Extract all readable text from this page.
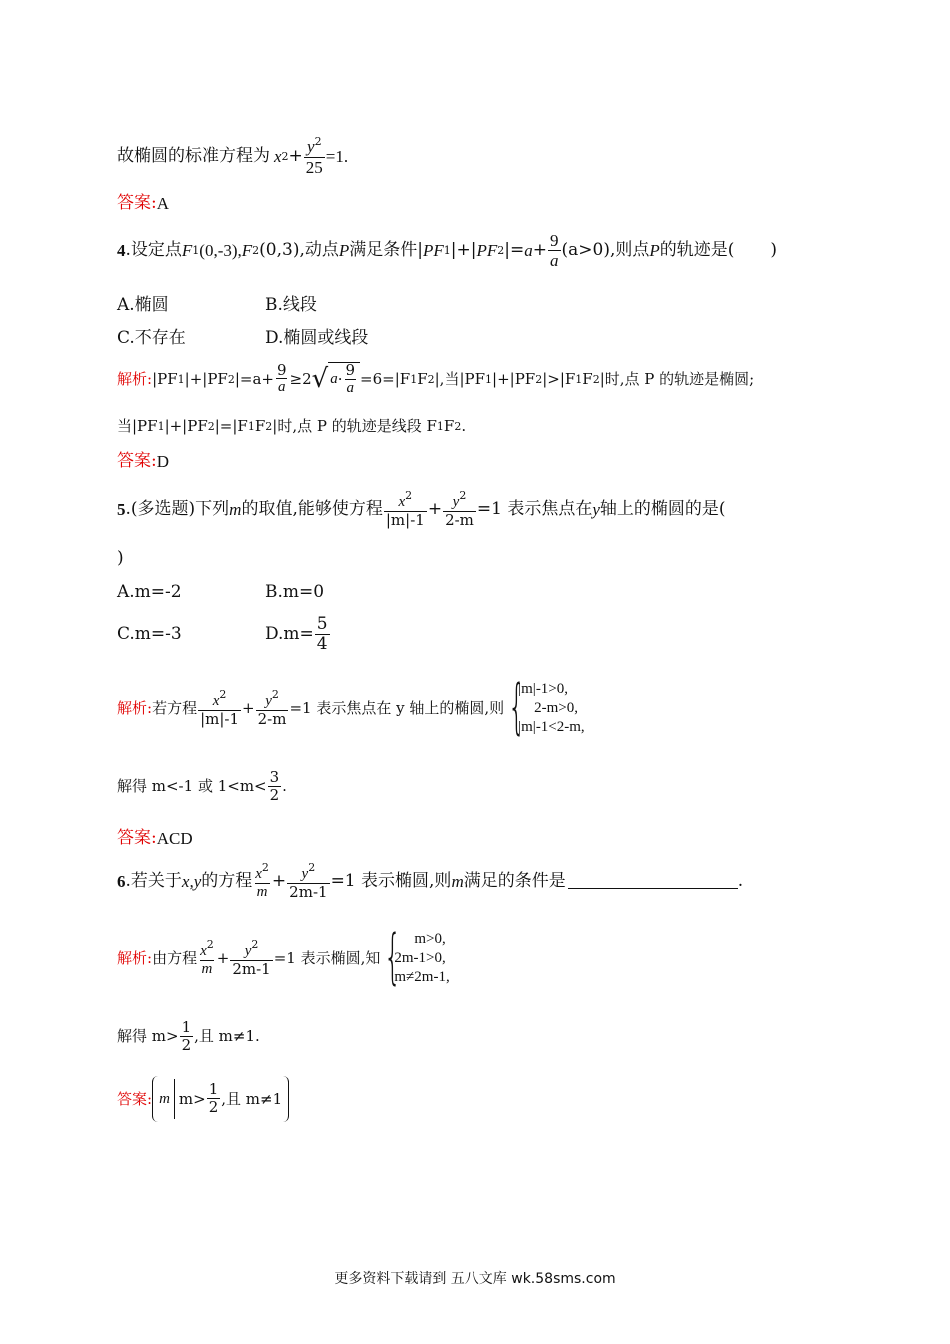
故椭圆的标准方程为 x $2 + \frac{y^2}{25} =1$.
答案 : A
4 .设定点 F 1 (0,-3), F 2 (0,3),动点 P 满足条件| PF 1 |+| PF 2 |= $a + \frac{9}{a} (a>0)$,则点 P 的轨迹是( )
A.椭圆	B.线段
C.不存在	D.椭圆或线段
解析 : |PF 1 |+|PF 2 $|=a+ \frac{9}{a} \ge 2$ √ $a \cdot \frac{9}{a} =6=|F$ 1 F 2 |,当|PF 1 |+|PF 2 |>|F 1 F 2 |时,点 P 的轨迹是椭圆;
当|PF 1 |+|PF 2 |=|F 1 F 2 |时,点 P 的轨迹是线段 F 1 F 2 .
答案 : D
5 .(多选题)下列 m 的取值,能够使方程 $\frac{x^2}{|m|-1} + \frac{y^2}{2-m} =1$ 表示焦点在 y 轴上的椭圆的是(
)
A.m=-2	B.m=0
C.m=-3	$D.m= \frac{5}{4}$
解析 : 若方程 $\frac{x^2}{|m|-1} + \frac{y^2}{2-m} =1$ 表示焦点在 y 轴上的椭圆,则 {
|m|-1>0,
2-m>0,
|m|-1<2-m,
解得 m<-1 或 $1<m< \frac{3}{2}$ .
答案 : ACD
6 .若关于 x,y 的方程 $\frac{x^2}{m} + \frac{y^2}{2m-1} =1$ 表示椭圆,则 m 满足的条件是	.
解析 : 由方程 $\frac{x^2}{m} + \frac{y^2}{2m-1} =1$ 表示椭圆,知 { m>0,
2m-1>0,
m≠2m-1,
解得 $m> \frac{1}{2}$ ,且 m≠1.
答案 : m $m> \frac{1}{2}$ ,且 m≠1
更多资料下载请到 五八文库 wk.58sms.com
